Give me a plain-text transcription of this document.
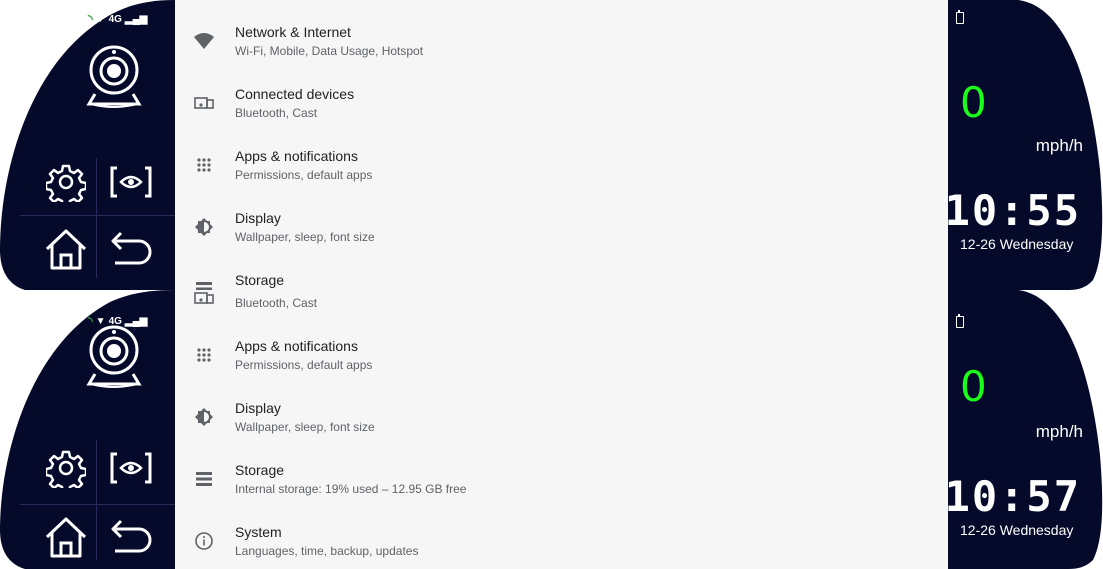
◝ ▼ 4G ▂▄▆
Network & Internet
Wi-Fi, Mobile, Data Usage, Hotspot
Connected devices
Bluetooth, Cast
Apps & notifications
Permissions, default apps
Display
Wallpaper, sleep, font size
Storage
0
mph/h
10:55
12-26 Wednesday
◝ ▼ 4G ▂▄▆
Bluetooth, Cast
Apps & notifications
Permissions, default apps
Display
Wallpaper, sleep, font size
Storage
Internal storage: 19% used – 12.95 GB free
System
Languages, time, backup, updates
0
mph/h
10:57
12-26 Wednesday
